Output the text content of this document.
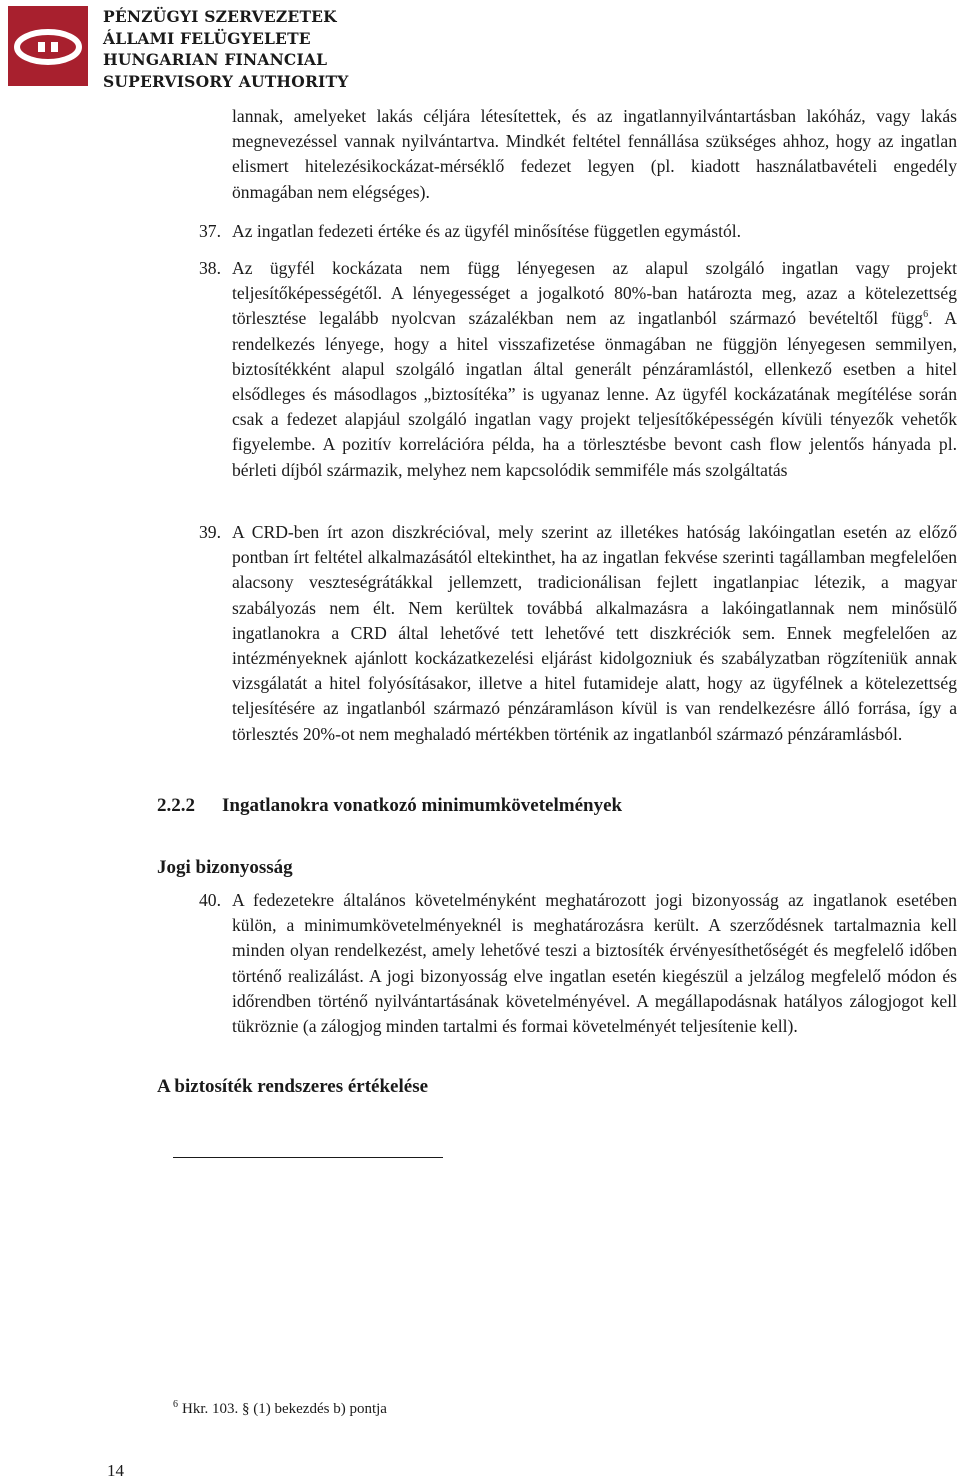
PÉNZÜGYI SZERVEZETEK
ÁLLAMI FELÜGYELETE
HUNGARIAN FINANCIAL
SUPERVISORY AUTHORITY
lannak, amelyeket lakás céljára létesítettek, és az ingatlannyilvántartásban lakóház, vagy lakás megnevezéssel vannak nyilvántartva. Mindkét feltétel fennállása szükséges ahhoz, hogy az ingatlan elismert hitelezésikockázat-mérséklő fedezet legyen (pl. kiadott használatbavételi engedély önmagában nem elégséges).
37. Az ingatlan fedezeti értéke és az ügyfél minősítése független egymástól.
38. Az ügyfél kockázata nem függ lényegesen az alapul szolgáló ingatlan vagy projekt teljesítőképességétől. A lényegességet a jogalkotó 80%-ban határozta meg, azaz a kötelezettség törlesztése legalább nyolcvan százalékban nem az ingatlanból származó bevételtől függ$^6$. A rendelkezés lényege, hogy a hitel visszafizetése önmagában ne függjön lényegesen semmilyen, biztosítékként alapul szolgáló ingatlan által generált pénzáramlástól, ellenkező esetben a hitel elsődleges és másodlagos „biztosítéka” is ugyanaz lenne. Az ügyfél kockázatának megítélése során csak a fedezet alapjául szolgáló ingatlan vagy projekt teljesítőképességén kívüli tényezők vehetők figyelembe. A pozitív korrelációra példa, ha a törlesztésbe bevont cash flow jelentős hányada pl. bérleti díjból származik, melyhez nem kapcsolódik semmiféle más szolgáltatás
39. A CRD-ben írt azon diszkrécióval, mely szerint az illetékes hatóság lakóingatlan esetén az előző pontban írt feltétel alkalmazásától eltekinthet, ha az ingatlan fekvése szerinti tagállamban megfelelően alacsony veszteségrátákkal jellemzett, tradicionálisan fejlett ingatlanpiac létezik, a magyar szabályozás nem élt. Nem kerültek továbbá alkalmazásra a lakóingatlannak nem minősülő ingatlanokra a CRD által lehetővé tett lehetővé tett diszkréciók sem. Ennek megfelelően az intézményeknek ajánlott kockázatkezelési eljárást kidolgozniuk és szabályzatban rögzíteniük annak vizsgálatát a hitel folyósításakor, illetve a hitel futamideje alatt, hogy az ügyfélnek a kötelezettség teljesítésére az ingatlanból származó pénzáramláson kívül is van rendelkezésre álló forrása, így a törlesztés 20%-ot nem meghaladó mértékben történik az ingatlanból származó pénzáramlásból.
2.2.2 Ingatlanokra vonatkozó minimumkövetelmények
Jogi bizonyosság
40. A fedezetekre általános követelményként meghatározott jogi bizonyosság az ingatlanok esetében külön, a minimumkövetelményeknél is meghatározásra került. A szerződésnek tartalmaznia kell minden olyan rendelkezést, amely lehetővé teszi a biztosíték érvényesíthetőségét és megfelelő időben történő realizálást. A jogi bizonyosság elve ingatlan esetén kiegészül a jelzálog megfelelő módon és időrendben történő nyilvántartásának követelményével. A megállapodásnak hatályos zálogjogot kell tükröznie (a zálogjog minden tartalmi és formai követelményét teljesítenie kell).
A biztosíték rendszeres értékelése
$^6$ Hkr. 103. § (1) bekezdés b) pontja
14
